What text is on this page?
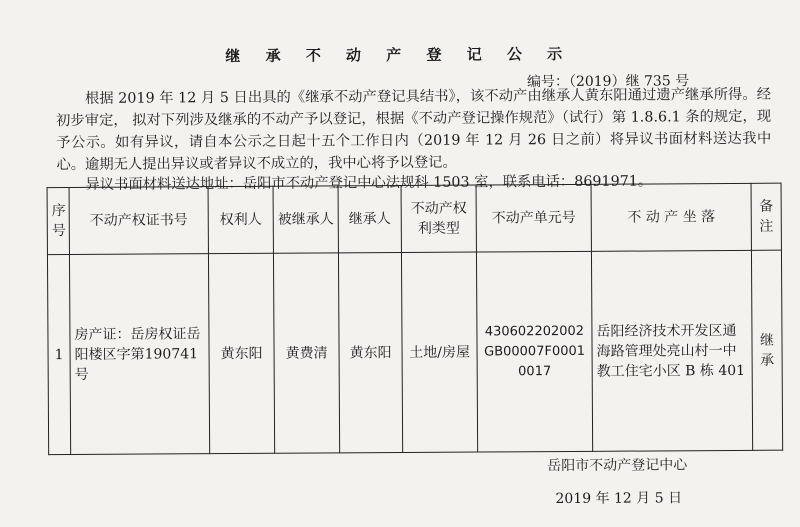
继 承 不 动 产 登 记 公 示
编号：（2019）继 735 号
根据 2019 年 12 月 5 日出具的《继承不动产登记具结书》，该不动产由继承人黄东阳通过遗产继承所得。经初步审定， 拟对下列涉及继承的不动产予以登记，根据《不动产登记操作规范》（试行）第 1.8.6.1 条的规定，现予公示。如有异议，请自本公示之日起十五个工作日内（2019 年 12 月 26 日之前）将异议书面材料送达我中心。逾期无人提出异议或者异议不成立的，我中心将予以登记。
异议书面材料送达地址：岳阳市不动产登记中心法规科 1503 室，联系电话：8691971。
序号	不动产权证书号	权利人	被继承人	继承人	不动产权利类型	不动产单元号	不 动 产 坐 落	备注
1	房产证：岳房权证岳阳楼区字第190741号	黄东阳	黄费清	黄东阳	土地/房屋	430602202002GB00007F00010017	岳阳经济技术开发区通海路管理处亮山村一中教工住宅小区 B 栋 401	继承
岳阳市不动产登记中心
2019 年 12 月 5 日
